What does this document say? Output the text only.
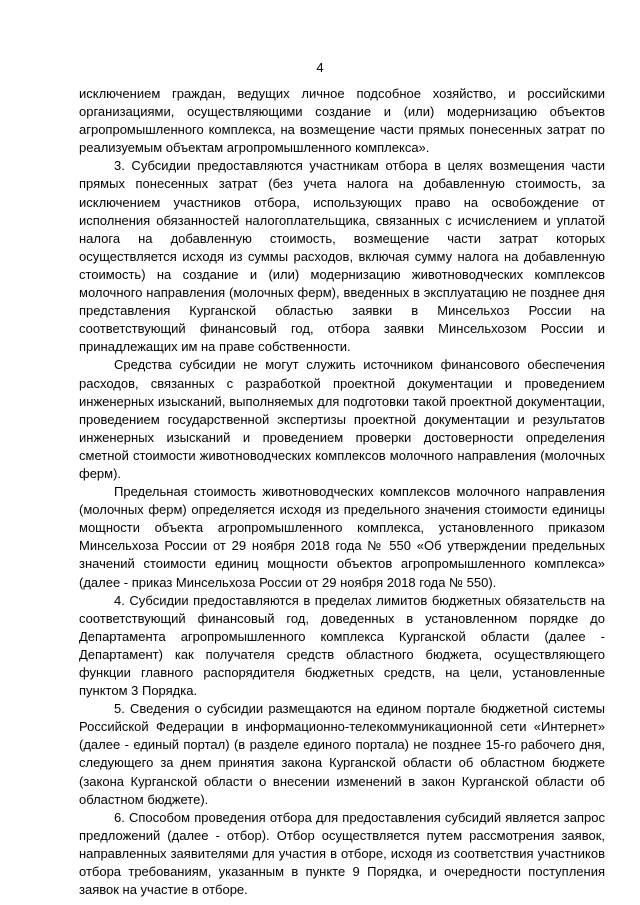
4

исключением граждан, ведущих личное подсобное хозяйство, и российскими организациями, осуществляющими создание и (или) модернизацию объектов агропромышленного комплекса, на возмещение части прямых понесенных затрат по реализуемым объектам агропромышленного комплекса».

3. Субсидии предоставляются участникам отбора в целях возмещения части прямых понесенных затрат (без учета налога на добавленную стоимость, за исключением участников отбора, использующих право на освобождение от исполнения обязанностей налогоплательщика, связанных с исчислением и уплатой налога на добавленную стоимость, возмещение части затрат которых осуществляется исходя из суммы расходов, включая сумму налога на добавленную стоимость) на создание и (или) модернизацию животноводческих комплексов молочного направления (молочных ферм), введенных в эксплуатацию не позднее дня представления Курганской областью заявки в Минсельхоз России на соответствующий финансовый год, отбора заявки Минсельхозом России и принадлежащих им на праве собственности.

Средства субсидии не могут служить источником финансового обеспечения расходов, связанных с разработкой проектной документации и проведением инженерных изысканий, выполняемых для подготовки такой проектной документации, проведением государственной экспертизы проектной документации и результатов инженерных изысканий и проведением проверки достоверности определения сметной стоимости животноводческих комплексов молочного направления (молочных ферм).

Предельная стоимость животноводческих комплексов молочного направления (молочных ферм) определяется исходя из предельного значения стоимости единицы мощности объекта агропромышленного комплекса, установленного приказом Минсельхоза России от 29 ноября 2018 года № 550 «Об утверждении предельных значений стоимости единиц мощности объектов агропромышленного комплекса» (далее - приказ Минсельхоза России от 29 ноября 2018 года № 550).

4. Субсидии предоставляются в пределах лимитов бюджетных обязательств на соответствующий финансовый год, доведенных в установленном порядке до Департамента агропромышленного комплекса Курганской области (далее - Департамент) как получателя средств областного бюджета, осуществляющего функции главного распорядителя бюджетных средств, на цели, установленные пунктом 3 Порядка.

5. Сведения о субсидии размещаются на едином портале бюджетной системы Российской Федерации в информационно-телекоммуникационной сети «Интернет» (далее - единый портал) (в разделе единого портала) не позднее 15-го рабочего дня, следующего за днем принятия закона Курганской области об областном бюджете (закона Курганской области о внесении изменений в закон Курганской области об областном бюджете).

6. Способом проведения отбора для предоставления субсидий является запрос предложений (далее - отбор). Отбор осуществляется путем рассмотрения заявок, направленных заявителями для участия в отборе, исходя из соответствия участников отбора требованиям, указанным в пункте 9 Порядка, и очередности поступления заявок на участие в отборе.
